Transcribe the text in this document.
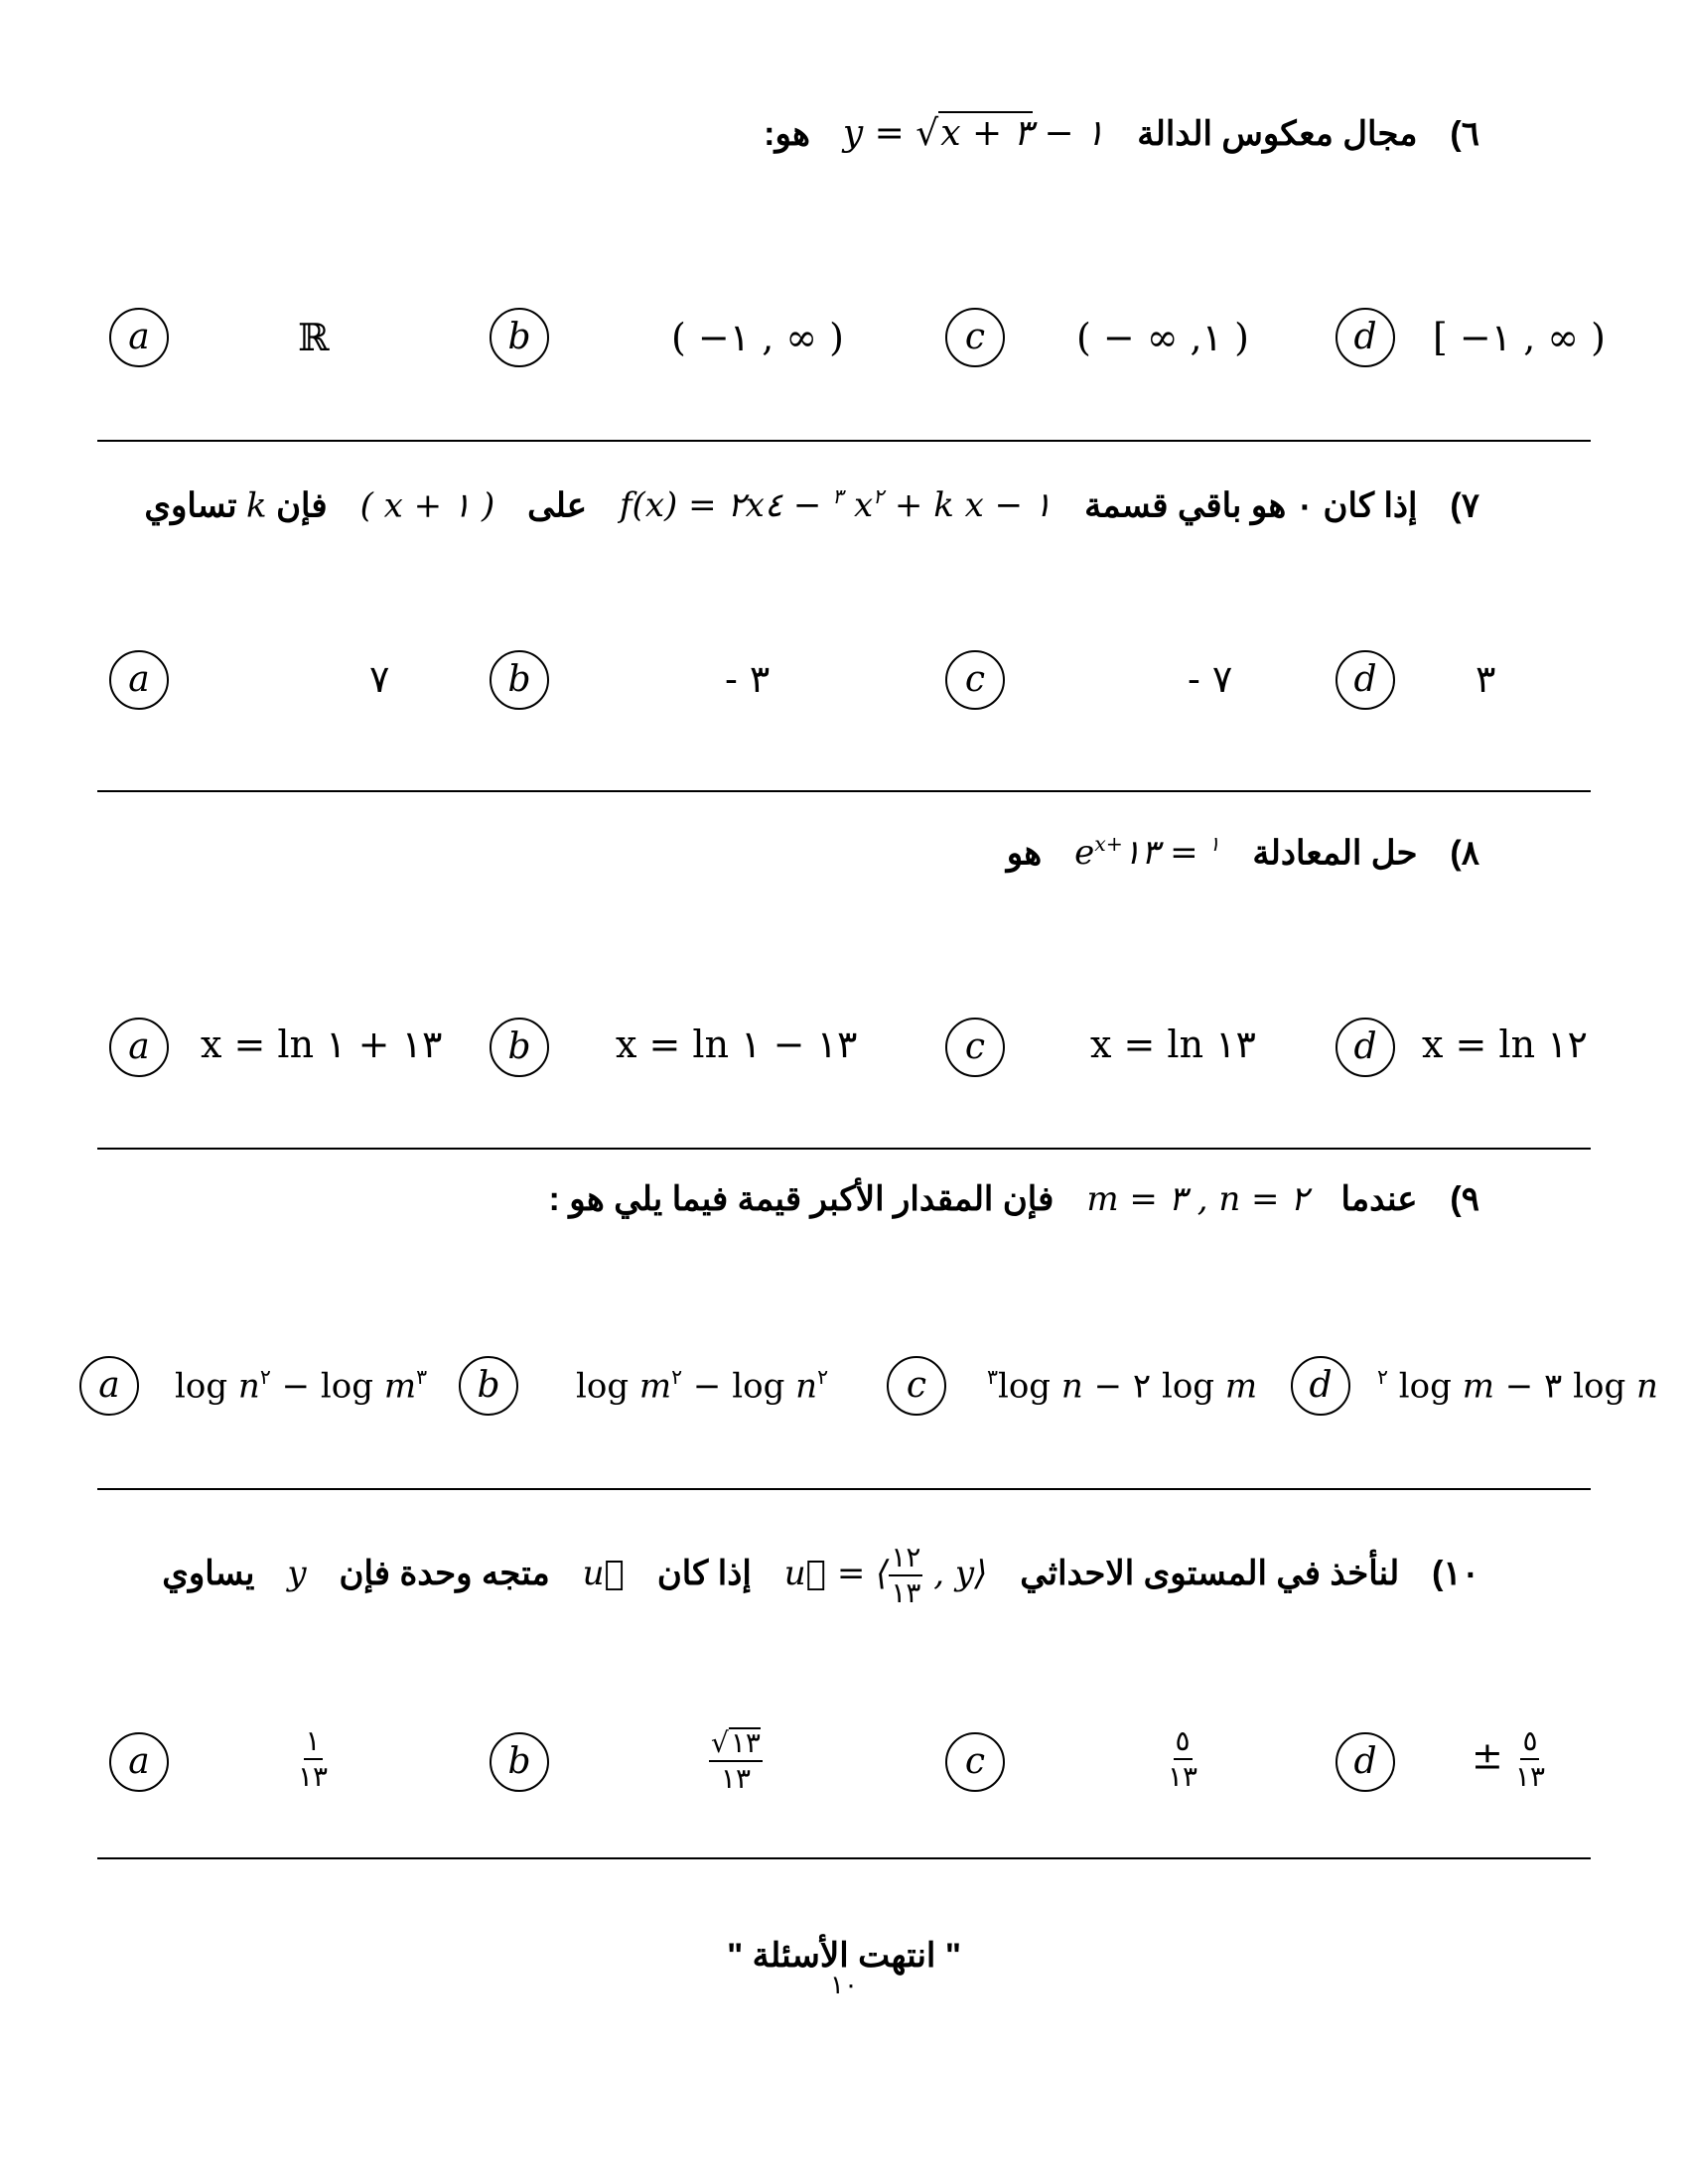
٦)  مجال معكوس الدالة  y = √x + ٣ − ١  هو:
a	ℝ	b	( −١ , ∞ )	c	( − ∞ ,١ )	d	[ −١ , ∞ )
٧)  إذا كان ٠ هو باقي قسمة  f(x) = ٢x	$^٣$ − ٤ $x^٢ + k$ x − ١  على  ( x + ١ )  فإن k تساوي
a	٧	b	- ٣	c	- ٧	d	٣
٨)  حل المعادلة  $e^{x+١}$ = ١٣  هو
a	x = ln ١٣ + ١	b	x = ln ١٣ − ١	c	x = ln ١٣	d	x = ln ١٢
٩)  عندما  m = ٣ , n = ٢  فإن المقدار الأكبر قيمة فيما يلي هو :
a	$\log n^٢ - \log m^٣$	b	$\log m^٢ - \log n^٢$	c	$^٣$log n − ٢ log m	d	$^٢$ log m − ٣ log n
١٠)  لنأخذ في المستوى الاحداثي  u⃗ = ⟨ $\frac{١٢}{١٣}$ , y⟩  إذا كان  u⃗  متجه وحدة فإن  y  يساوي
a	$\frac{١}{١٣}$	b	$\frac{√١٣}{١٣}$	c	$\frac{٥}{١٣}$	d	± $\frac{٥}{١٣}$
" انتهت الأسئلة "
١٠
